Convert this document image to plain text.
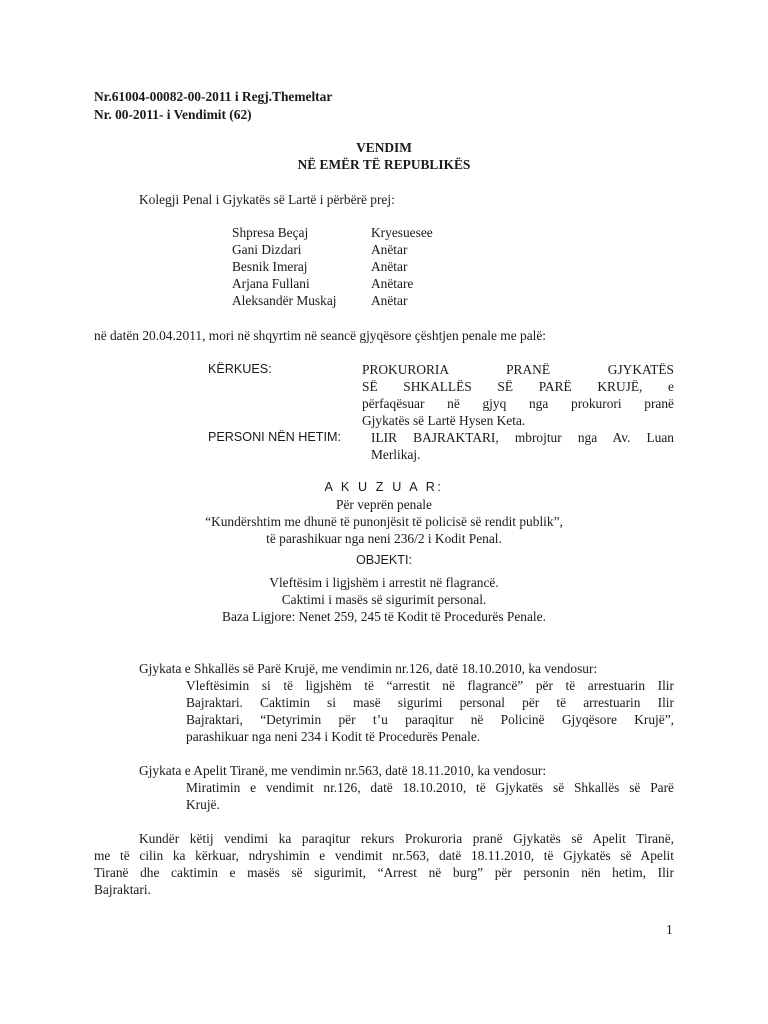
Nr.61004-00082-00-2011 i Regj.Themeltar
Nr. 00-2011- i Vendimit (62)
VENDIM
NË EMËR TË REPUBLIKËS
Kolegji Penal i Gjykatës së Lartë i përbërë prej:
Shpresa Beçaj	Kryesuesee
Gani Dizdari	Anëtar
Besnik Imeraj	Anëtar
Arjana Fullani	Anëtare
Aleksandër Muskaj	Anëtar
në datën 20.04.2011, mori në shqyrtim në seancë gjyqësore çështjen penale me palë:
KËRKUES:	PROKURORIA PRANË GJYKATËS
SË SHKALLËS SË PARË KRUJË, e
përfaqësuar në gjyq nga prokurori pranë
Gjykatës së Lartë Hysen Keta.
PERSONI NËN HETIM: ILIR BAJRAKTARI, mbrojtur nga Av. Luan
Merlikaj.
A K U Z U A R:
Për veprën penale
“Kundërshtim me dhunë të punonjësit të policisë së rendit publik”,
të parashikuar nga neni 236/2 i Kodit Penal.
OBJEKTI:
Vleftësim i ligjshëm i arrestit në flagrancë.
Caktimi i masës së sigurimit personal.
Baza Ligjore: Nenet 259, 245 të Kodit të Procedurës Penale.
Gjykata e Shkallës së Parë Krujë, me vendimin nr.126, datë 18.10.2010, ka vendosur:
Vleftësimin si të ligjshëm të “arrestit në flagrancë” për të arrestuarin Ilir
Bajraktari. Caktimin si masë sigurimi personal për të arrestuarin Ilir
Bajraktari, “Detyrimin për t’u paraqitur në Policinë Gjyqësore Krujë”,
parashikuar nga neni 234 i Kodit të Procedurës Penale.
Gjykata e Apelit Tiranë, me vendimin nr.563, datë 18.11.2010, ka vendosur:
Miratimin e vendimit nr.126, datë 18.10.2010, të Gjykatës së Shkallës së Parë
Krujë.
Kundër këtij vendimi ka paraqitur rekurs Prokuroria pranë Gjykatës së Apelit Tiranë,
me të cilin ka kërkuar, ndryshimin e vendimit nr.563, datë 18.11.2010, të Gjykatës së Apelit
Tiranë dhe caktimin e masës së sigurimit, “Arrest në burg” për personin nën hetim, Ilir
Bajraktari.
1
